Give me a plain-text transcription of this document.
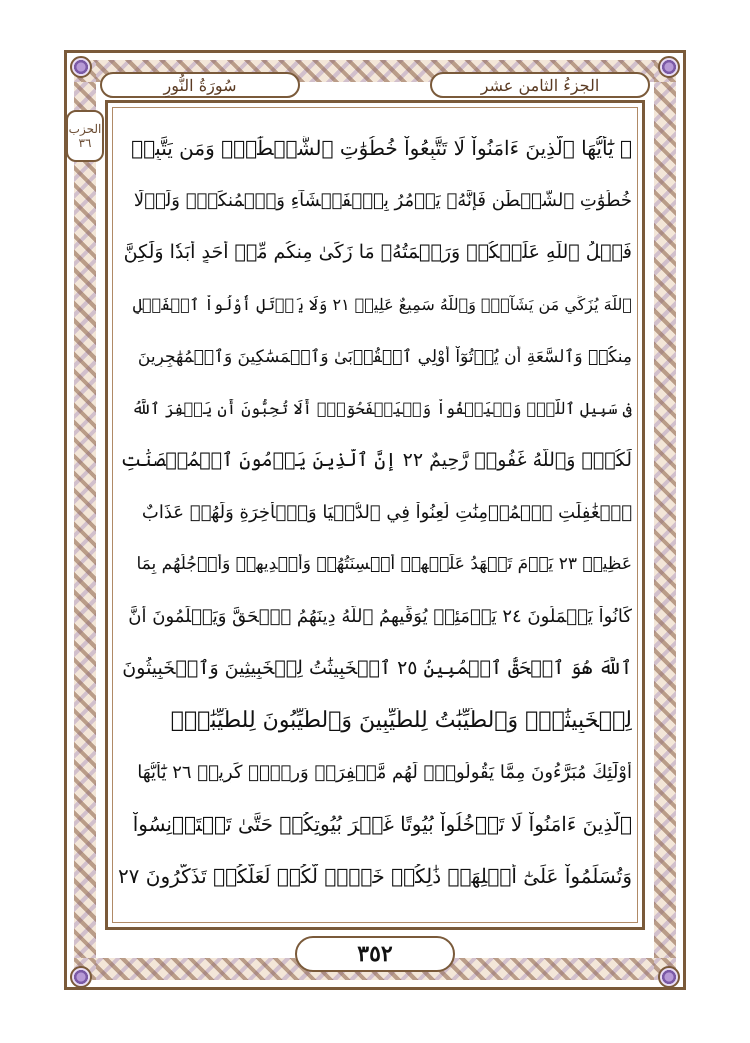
الجزءُ الثامن عشر
سُورَةُ النُّورِ
الحزب
٣٦	۞ يَٰٓأَيُّهَا ٱلَّذِينَ ءَامَنُواْ لَا تَتَّبِعُواْ خُطُوَٰتِ ٱلشَّيۡطَٰنِۚ وَمَن يَتَّبِعۡ
خُطُوَٰتِ ٱلشَّيۡطَٰنِ فَإِنَّهُۥ يَأۡمُرُ بِٱلۡفَحۡشَآءِ وَٱلۡمُنكَرِۚ وَلَوۡلَا
فَضۡلُ ٱللَّهِ عَلَيۡكُمۡ وَرَحۡمَتُهُۥ مَا زَكَىٰ مِنكُم مِّنۡ أَحَدٍ أَبَدٗا وَلَٰكِنَّ
ٱللَّهَ يُزَكِّي مَن يَشَآءُۗ وَٱللَّهُ سَمِيعٌ عَلِيمٞ ٢١ وَلَا يَأۡتَلِ أُوْلُواْ ٱلۡفَضۡلِ
مِنكُمۡ وَٱلسَّعَةِ أَن يُؤۡتُوٓاْ أُوْلِي ٱلۡقُرۡبَىٰ وَٱلۡمَسَٰكِينَ وَٱلۡمُهَٰجِرِينَ
فِي سَبِيلِ ٱللَّهِۖ وَلۡيَعۡفُواْ وَلۡيَصۡفَحُوٓاْۗ أَلَا تُحِبُّونَ أَن يَغۡفِرَ ٱللَّهُ
لَكُمۡۚ وَٱللَّهُ غَفُورٞ رَّحِيمٌ ٢٢ إِنَّ ٱلَّذِينَ يَرۡمُونَ ٱلۡمُحۡصَنَٰتِ
ٱلۡغَٰفِلَٰتِ ٱلۡمُؤۡمِنَٰتِ لُعِنُواْ فِي ٱلدُّنۡيَا وَٱلۡأٓخِرَةِ وَلَهُمۡ عَذَابٌ
عَظِيمٞ ٢٣ يَوۡمَ تَشۡهَدُ عَلَيۡهِمۡ أَلۡسِنَتُهُمۡ وَأَيۡدِيهِمۡ وَأَرۡجُلُهُم بِمَا
كَانُواْ يَعۡمَلُونَ ٢٤ يَوۡمَئِذٖ يُوَفِّيهِمُ ٱللَّهُ دِينَهُمُ ٱلۡحَقَّ وَيَعۡلَمُونَ أَنَّ
ٱللَّهَ هُوَ ٱلۡحَقُّ ٱلۡمُبِينُ ٢٥ ٱلۡخَبِيثَٰتُ لِلۡخَبِيثِينَ وَٱلۡخَبِيثُونَ
لِلۡخَبِيثَٰتِۖ وَٱلطَّيِّبَٰتُ لِلطَّيِّبِينَ وَٱلطَّيِّبُونَ لِلطَّيِّبَٰتِۚ
أُوْلَٰٓئِكَ مُبَرَّءُونَ مِمَّا يَقُولُونَۖ لَهُم مَّغۡفِرَةٞ وَرِزۡقٞ كَرِيمٞ ٢٦ يَٰٓأَيُّهَا
ٱلَّذِينَ ءَامَنُواْ لَا تَدۡخُلُواْ بُيُوتًا غَيۡرَ بُيُوتِكُمۡ حَتَّىٰ تَسۡتَأۡنِسُواْ
وَتُسَلِّمُواْ عَلَىٰٓ أَهۡلِهَاۚ ذَٰلِكُمۡ خَيۡرٞ لَّكُمۡ لَعَلَّكُمۡ تَذَكَّرُونَ ٢٧
٣٥٢
